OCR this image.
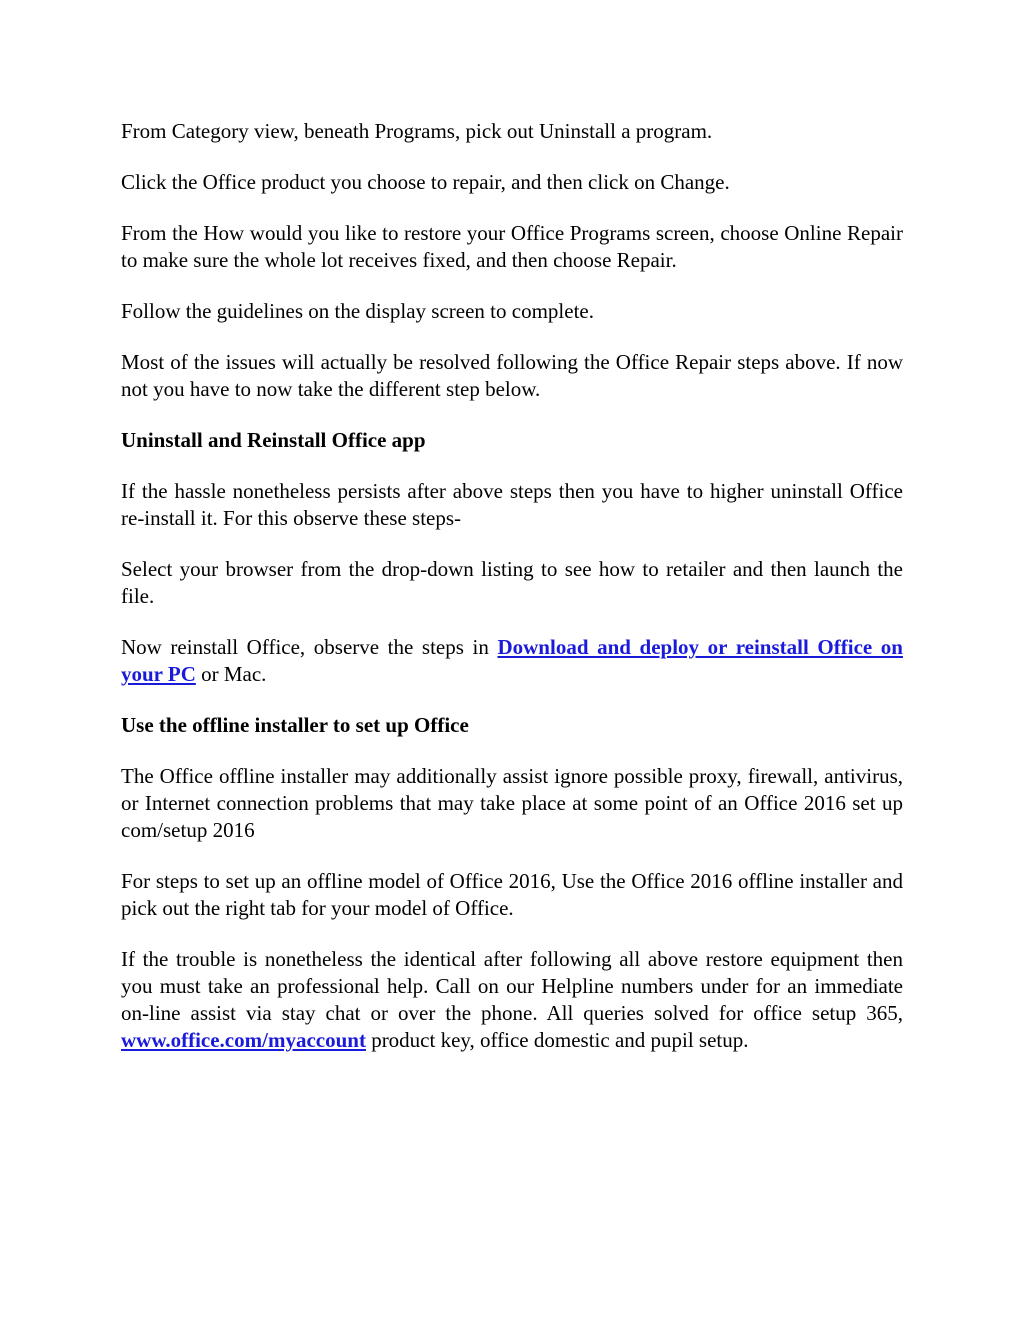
From Category view, beneath Programs, pick out Uninstall a program.

Click the Office product you choose to repair, and then click on Change.

From the How would you like to restore your Office Programs screen, choose Online Repair to make sure the whole lot receives fixed, and then choose Repair.

Follow the guidelines on the display screen to complete.

Most of the issues will actually be resolved following the Office Repair steps above. If now not you have to now take the different step below.

Uninstall and Reinstall Office app

If the hassle nonetheless persists after above steps then you have to higher uninstall Office re-install it. For this observe these steps-

Select your browser from the drop-down listing to see how to retailer and then launch the file.

Now reinstall Office, observe the steps in Download and deploy or reinstall Office on your PC or Mac.

Use the offline installer to set up Office

The Office offline installer may additionally assist ignore possible proxy, firewall, antivirus, or Internet connection problems that may take place at some point of an Office 2016 set up com/setup 2016

For steps to set up an offline model of Office 2016, Use the Office 2016 offline installer and pick out the right tab for your model of Office.

If the trouble is nonetheless the identical after following all above restore equipment then you must take an professional help. Call on our Helpline numbers under for an immediate on-line assist via stay chat or over the phone. All queries solved for office setup 365, www.office.com/myaccount product key, office domestic and pupil setup.
